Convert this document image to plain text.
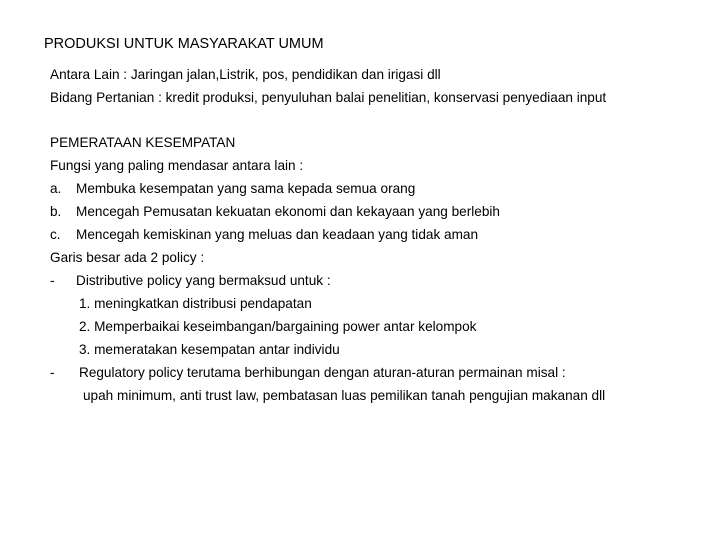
PRODUKSI UNTUK MASYARAKAT UMUM
Antara Lain : Jaringan jalan,Listrik, pos, pendidikan dan irigasi dll
Bidang Pertanian : kredit produksi, penyuluhan balai penelitian, konservasi penyediaan input
PEMERATAAN KESEMPATAN
Fungsi yang paling mendasar antara lain :
a. Membuka kesempatan yang sama kepada semua orang
b. Mencegah Pemusatan kekuatan ekonomi dan kekayaan yang berlebih
c. Mencegah kemiskinan yang meluas dan keadaan yang tidak aman
Garis besar ada 2 policy :
- Distributive policy yang bermaksud untuk :
1. meningkatkan distribusi pendapatan
2. Memperbaikai keseimbangan/bargaining power antar kelompok
3. memeratakan kesempatan antar individu
- Regulatory policy terutama berhibungan dengan aturan-aturan permainan misal :
upah minimum, anti trust law, pembatasan luas pemilikan tanah pengujian makanan dll
